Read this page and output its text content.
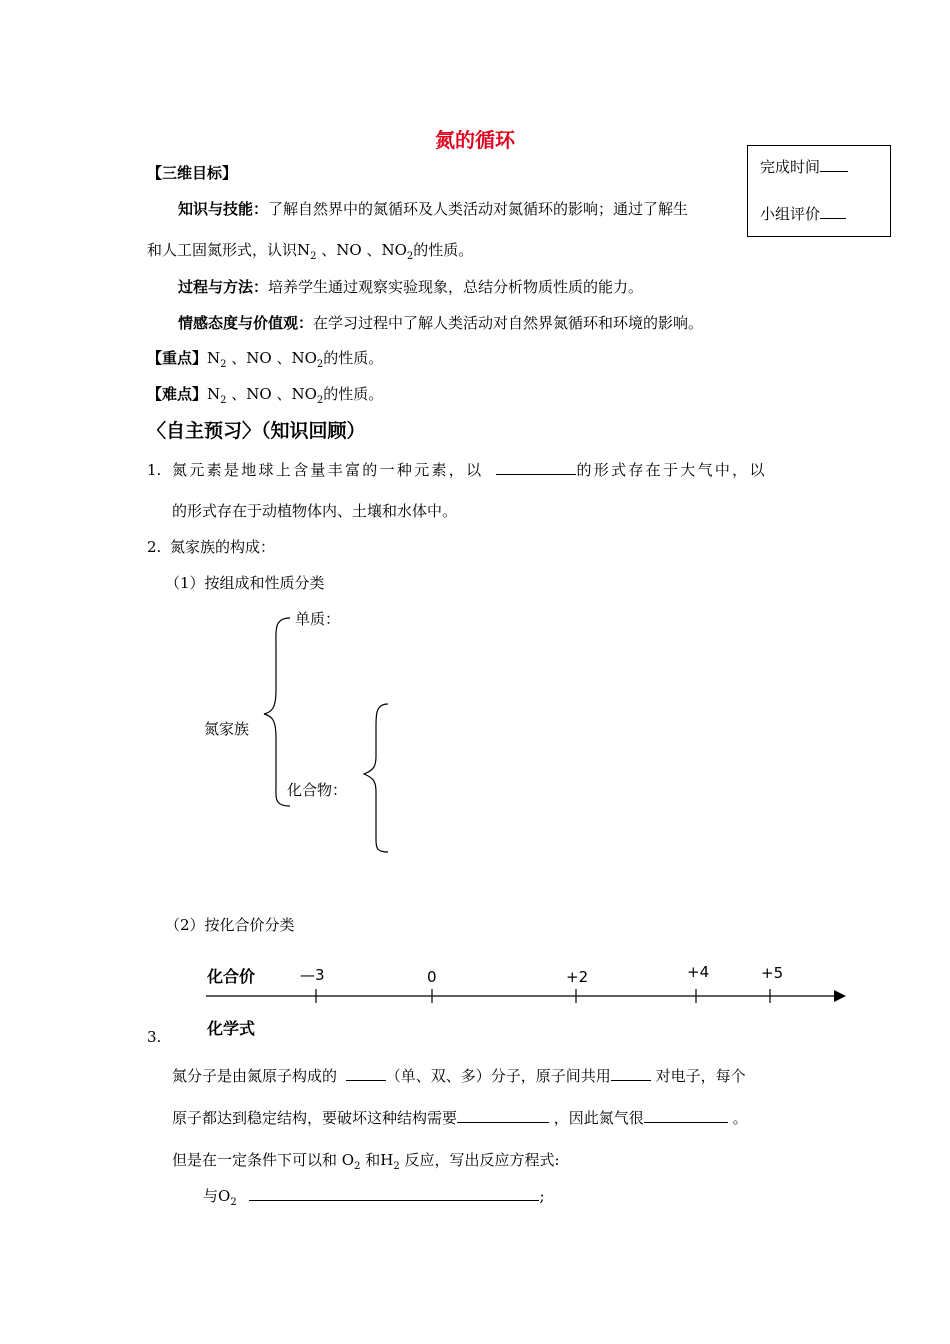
氮的循环
完成时间
小组评价
【三维目标】
知识与技能：了解自然界中的氮循环及人类活动对氮循环的影响；通过了解生
和人工固氮形式，认识$N_2$ 、NO 、$NO_2$的性质。
过程与方法：培养学生通过观察实验现象，总结分析物质性质的能力。
情感态度与价值观：在学习过程中了解人类活动对自然界氮循环和环境的影响。
【重点】$N_2$ 、NO 、$NO_2$的性质。
【难点】$N_2$ 、NO 、$NO_2$的性质。
〈自主预习〉（知识回顾）
1. 氮元素是地球上含量丰富的一种元素，以	的形式存在于大气中，以
的形式存在于动植物体内、土壤和水体中。
2. 氮家族的构成：
（1）按组成和性质分类
单质：
氮家族
化合物：
（2）按化合价分类
化合价	—3	0	+2	+4	+5
化学式
3.
氮分子是由氮原子构成的	（单、双、多）分子，原子间共用	对电子，每个
原子都达到稳定结构，要破坏这种结构需要	，因此氮气很	。
但是在一定条件下可以和 $O_2$ 和$H_2$ 反应，写出反应方程式:
与$O_2$	;
